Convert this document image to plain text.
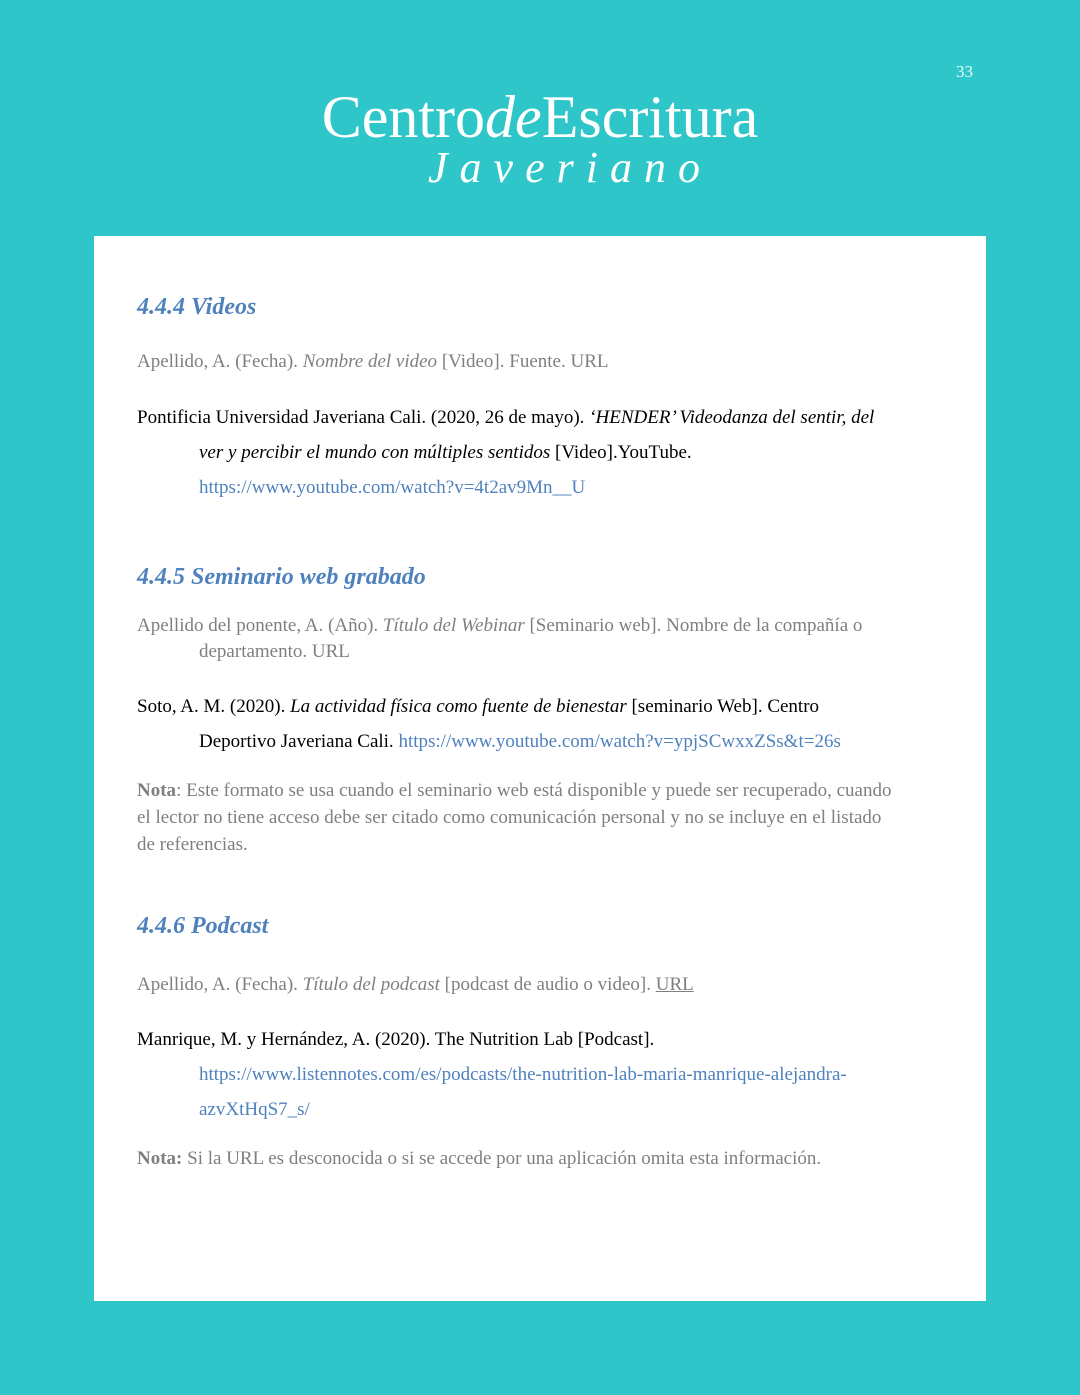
33
CentrodeEscritura
Javeriano
4.4.4 Videos
Apellido, A. (Fecha). Nombre del video [Video]. Fuente. URL
Pontificia Universidad Javeriana Cali. (2020, 26 de mayo). ‘HENDER’ Videodanza del sentir, del
ver y percibir el mundo con múltiples sentidos [Video].YouTube.
https://www.youtube.com/watch?v=4t2av9Mn__U
4.4.5 Seminario web grabado
Apellido del ponente, A. (Año). Título del Webinar [Seminario web]. Nombre de la compañía o
departamento. URL
Soto, A. M. (2020). La actividad física como fuente de bienestar [seminario Web]. Centro
Deportivo Javeriana Cali. https://www.youtube.com/watch?v=ypjSCwxxZSs&t=26s
Nota: Este formato se usa cuando el seminario web está disponible y puede ser recuperado, cuando
el lector no tiene acceso debe ser citado como comunicación personal y no se incluye en el listado
de referencias.
4.4.6 Podcast
Apellido, A. (Fecha). Título del podcast [podcast de audio o video]. URL
Manrique, M. y Hernández, A. (2020). The Nutrition Lab [Podcast].
https://www.listennotes.com/es/podcasts/the-nutrition-lab-maria-manrique-alejandra-
azvXtHqS7_s/
Nota: Si la URL es desconocida o si se accede por una aplicación omita esta información.
